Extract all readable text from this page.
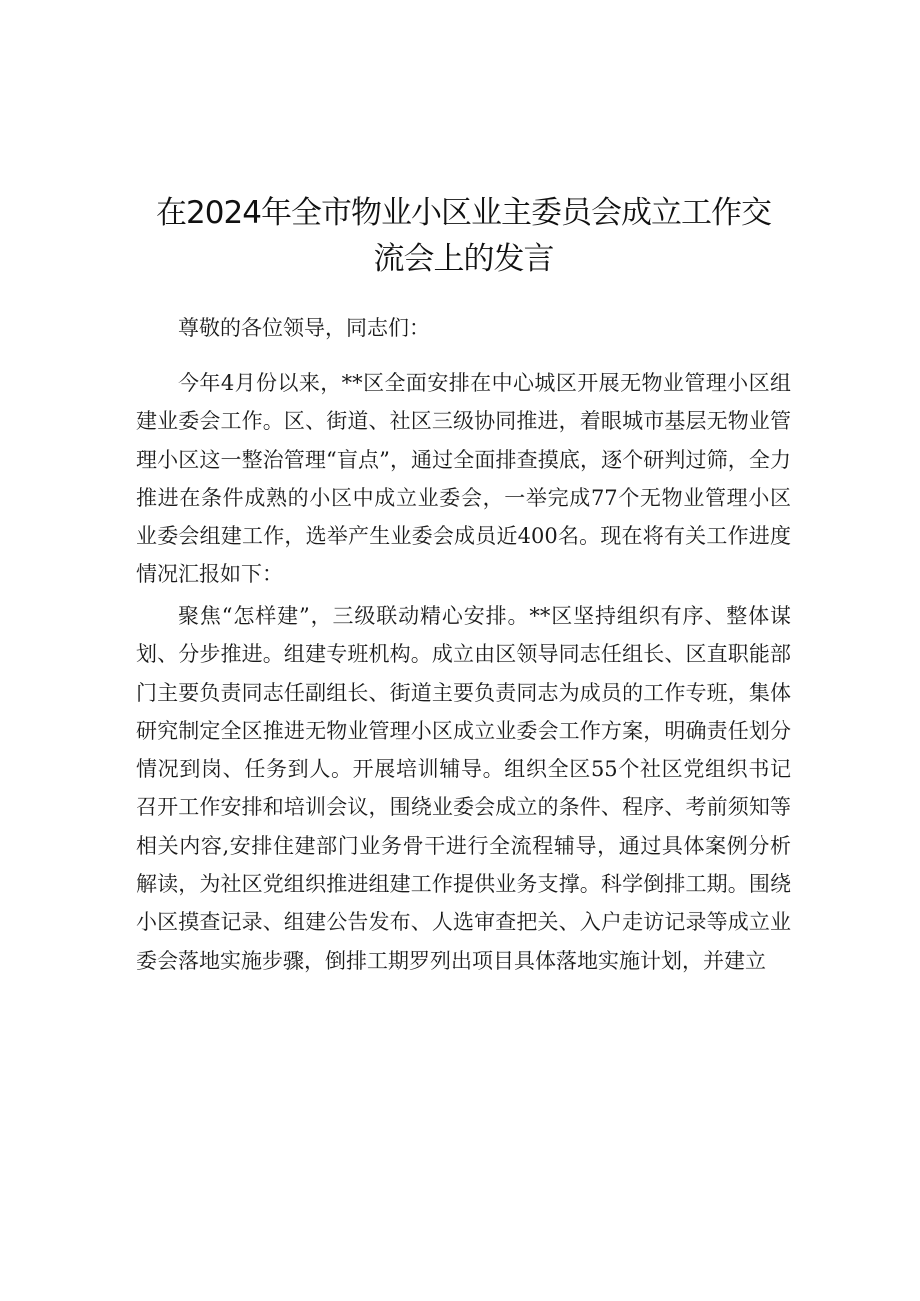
在2024年全市物业小区业主委员会成立工作交
流会上的发言

尊敬的各位领导，同志们：

今年4月份以来，**区全面安排在中心城区开展无物业管理小区组建业委会工作。区、街道、社区三级协同推进，着眼城市基层无物业管理小区这一整治管理“盲点”，通过全面排查摸底，逐个研判过筛，全力推进在条件成熟的小区中成立业委会，一举完成77个无物业管理小区业委会组建工作，选举产生业委会成员近400名。现在将有关工作进度情况汇报如下：

聚焦“怎样建”，三级联动精心安排。**区坚持组织有序、整体谋划、分步推进。组建专班机构。成立由区领导同志任组长、区直职能部门主要负责同志任副组长、街道主要负责同志为成员的工作专班，集体研究制定全区推进无物业管理小区成立业委会工作方案，明确责任划分情况到岗、任务到人。开展培训辅导。组织全区55个社区党组织书记召开工作安排和培训会议，围绕业委会成立的条件、程序、考前须知等相关内容,安排住建部门业务骨干进行全流程辅导，通过具体案例分析解读，为社区党组织推进组建工作提供业务支撑。科学倒排工期。围绕小区摸查记录、组建公告发布、人选审查把关、入户走访记录等成立业委会落地实施步骤，倒排工期罗列出项目具体落地实施计划，并建立
